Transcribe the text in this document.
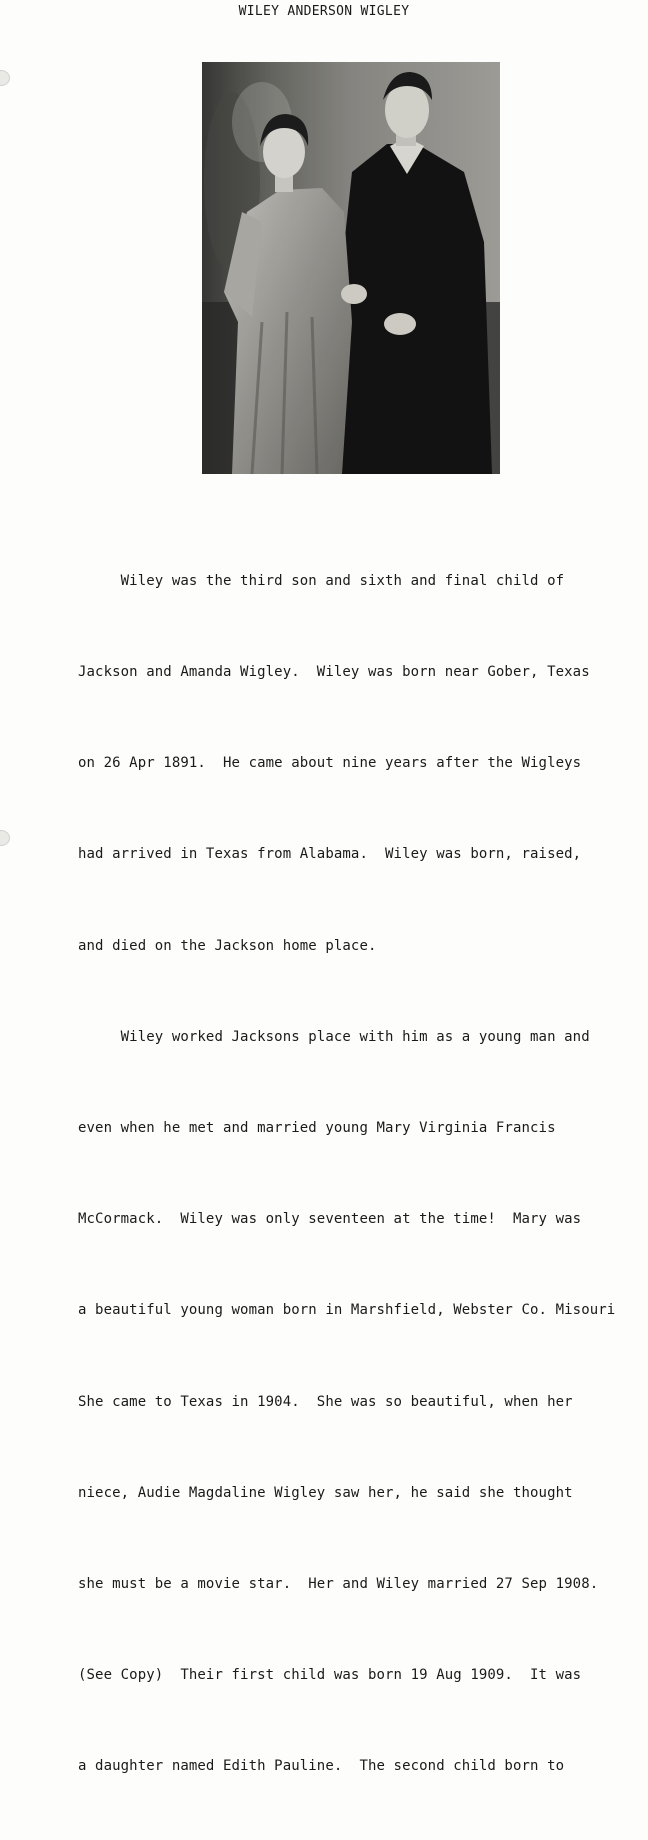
WILEY ANDERSON WIGLEY

Wiley was the third son and sixth and final child of

Jackson and Amanda Wigley.  Wiley was born near Gober, Texas

on 26 Apr 1891.  He came about nine years after the Wigleys

had arrived in Texas from Alabama.  Wiley was born, raised,

and died on the Jackson home place.

Wiley worked Jacksons place with him as a young man and

even when he met and married young Mary Virginia Francis

McCormack.  Wiley was only seventeen at the time!  Mary was

a beautiful young woman born in Marshfield, Webster Co. Misouri

She came to Texas in 1904.  She was so beautiful, when her

niece, Audie Magdaline Wigley saw her, he said she thought

she must be a movie star.  Her and Wiley married 27 Sep 1908.

(See Copy)  Their first child was born 19 Aug 1909.  It was

a daughter named Edith Pauline.  The second child born to
